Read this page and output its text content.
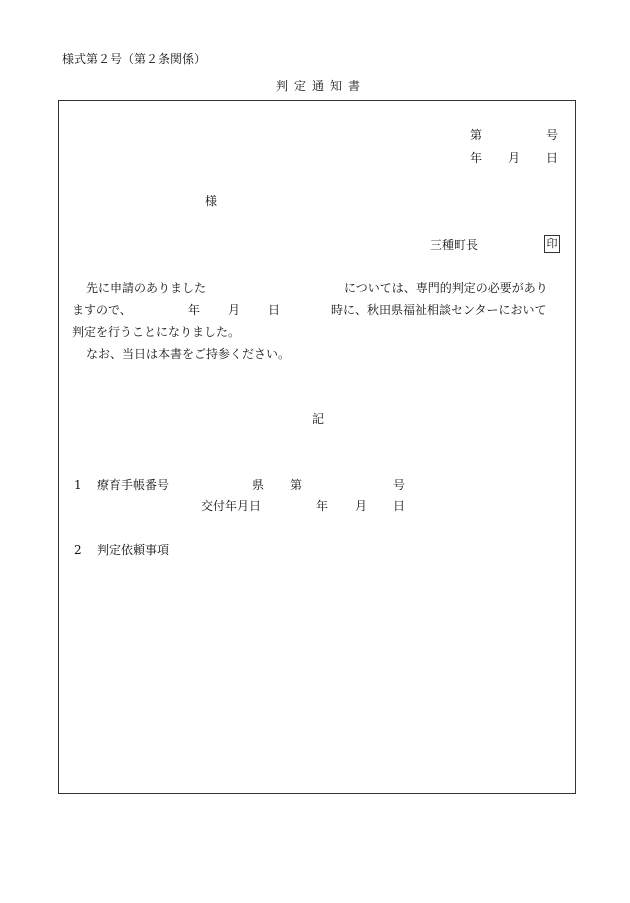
様式第２号（第２条関係）
判定通知書
第	号
年 月 日
様
三種町長	印
先に申請のありました	については、専門的判定の必要があり
ますので、	年 月 日	時に、秋田県福祉相談センターにおいて
判定を行うことになりました。
なお、当日は本書をご持参ください。
記
1 療育手帳番号	県 第	号
交付年月日	年 月 日
2 判定依頼事項
